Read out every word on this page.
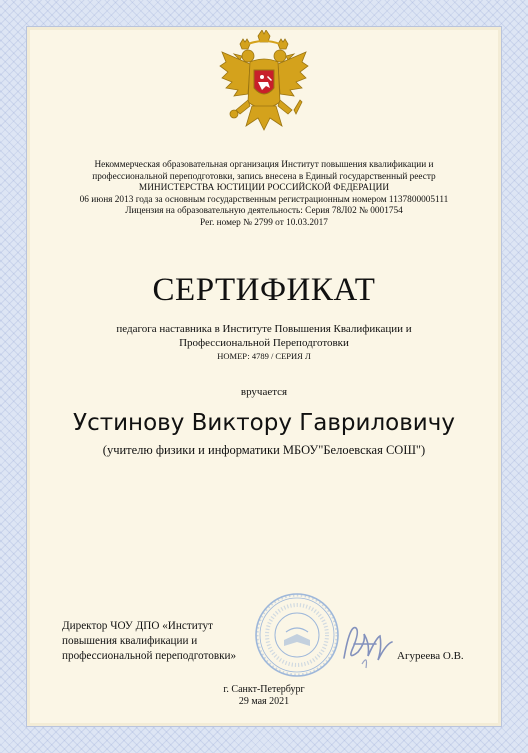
Некоммерческая образовательная организация Институт повышения квалификации и
профессиональной переподготовки, запись внесена в Единый государственный реестр
МИНИСТЕРСТВА ЮСТИЦИИ РОССИЙСКОЙ ФЕДЕРАЦИИ
06 июня 2013 года за основным государственным регистрационным номером 1137800005111
Лицензия на образовательную деятельность: Серия 78Л02 № 0001754
Рег. номер № 2799 от 10.03.2017
СЕРТИФИКАТ
педагога наставника в Институте Повышения Квалификации и
Профессиональной Переподготовки
НОМЕР: 4789 / СЕРИЯ Л
вручается
Устинову Виктору Гавриловичу
(учителю физики и информатики МБОУ"Белоевская СОШ")
Директор ЧОУ ДПО «Институт
повышения квалификации и
профессиональной переподготовки»	Агуреева О.В.
г. Санкт-Петербург
29 мая 2021
